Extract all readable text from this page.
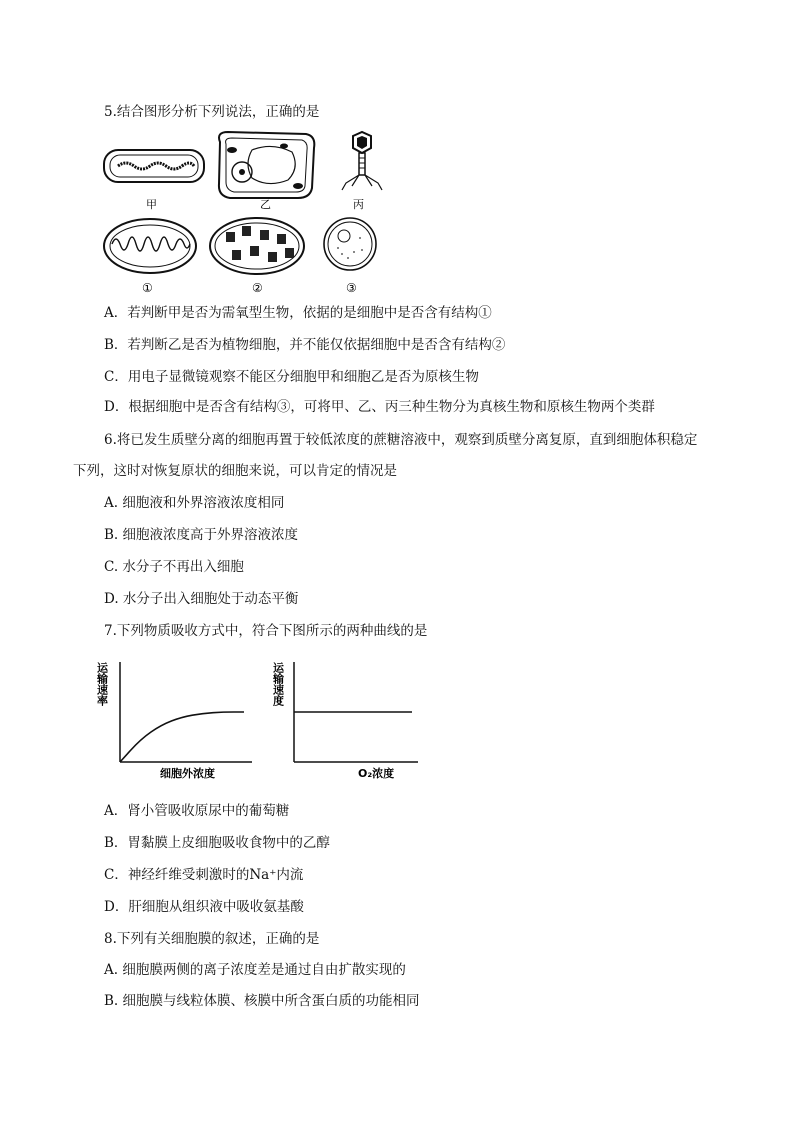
5.结合图形分析下列说法，正确的是
甲	乙	丙
①	②	③
A．若判断甲是否为需氧型生物，依据的是细胞中是否含有结构①
B．若判断乙是否为植物细胞，并不能仅依据细胞中是否含有结构②
C．用电子显微镜观察不能区分细胞甲和细胞乙是否为原核生物
D．根据细胞中是否含有结构③，可将甲、乙、丙三种生物分为真核生物和原核生物两个类群
6.将已发生质壁分离的细胞再置于较低浓度的蔗糖溶液中，观察到质壁分离复原，直到细胞体积稳定
下列，这时对恢复原状的细胞来说，可以肯定的情况是
A. 细胞液和外界溶液浓度相同
B. 细胞液浓度高于外界溶液浓度
C. 水分子不再出入细胞
D. 水分子出入细胞处于动态平衡
7.下列物质吸收方式中，符合下图所示的两种曲线的是
运输速率
细胞外浓度
运输速度
O₂浓度
A．肾小管吸收原尿中的葡萄糖
B．胃黏膜上皮细胞吸收食物中的乙醇
C．神经纤维受刺激时的Na⁺内流
D．肝细胞从组织液中吸收氨基酸
8.下列有关细胞膜的叙述，正确的是
A. 细胞膜两侧的离子浓度差是通过自由扩散实现的
B. 细胞膜与线粒体膜、核膜中所含蛋白质的功能相同
